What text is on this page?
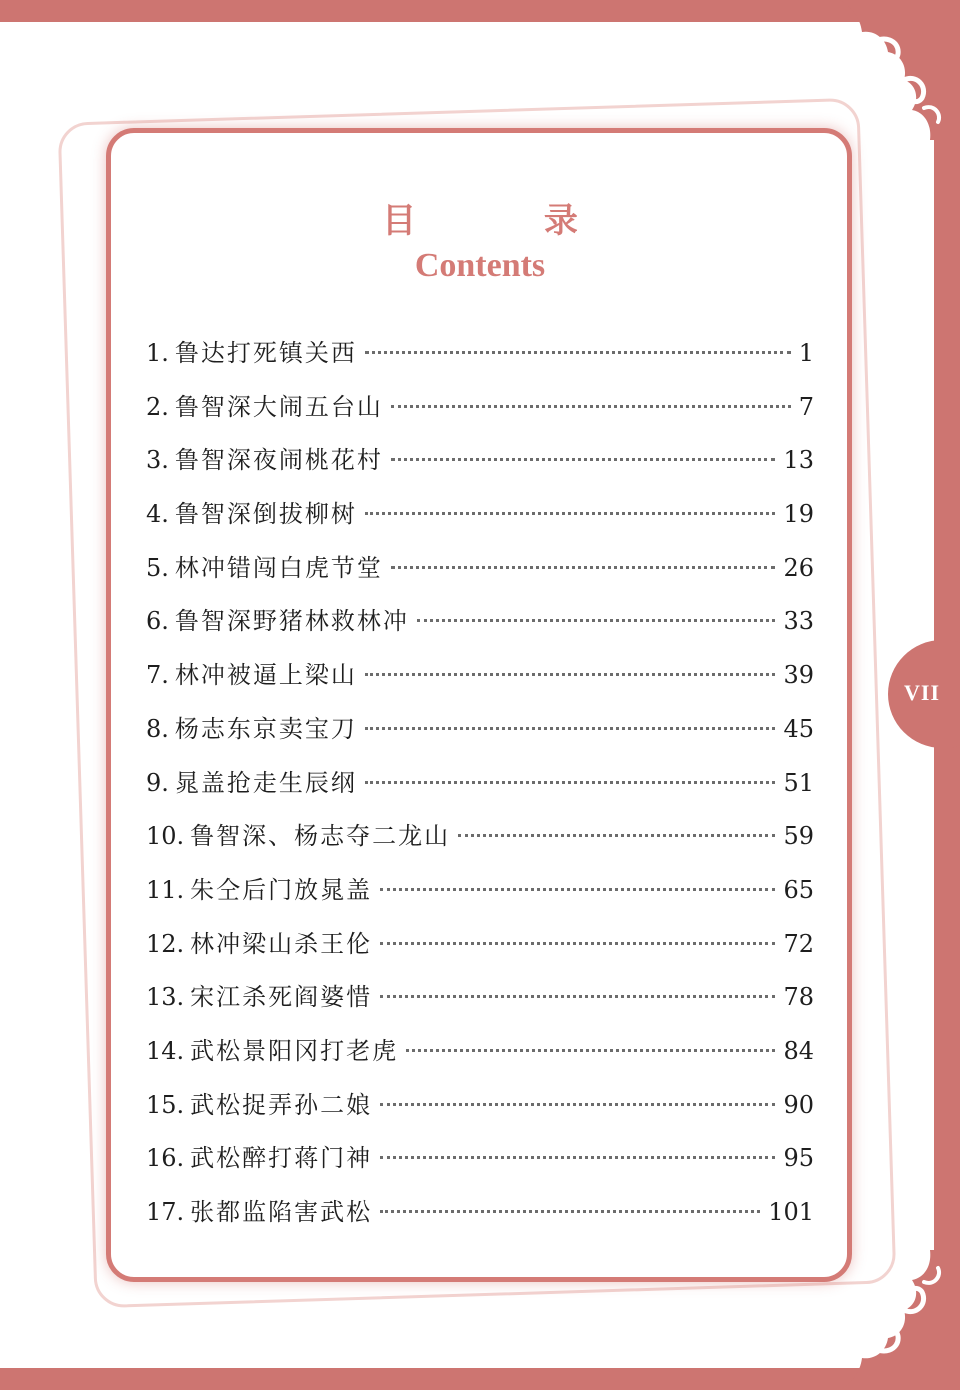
VII
目 录
Contents
1. 鲁达打死镇关西	1
2. 鲁智深大闹五台山	7
3. 鲁智深夜闹桃花村	13
4. 鲁智深倒拔柳树	19
5. 林冲错闯白虎节堂	26
6. 鲁智深野猪林救林冲	33
7. 林冲被逼上梁山	39
8. 杨志东京卖宝刀	45
9. 晁盖抢走生辰纲	51
10. 鲁智深、杨志夺二龙山	59
11. 朱仝后门放晁盖	65
12. 林冲梁山杀王伦	72
13. 宋江杀死阎婆惜	78
14. 武松景阳冈打老虎	84
15. 武松捉弄孙二娘	90
16. 武松醉打蒋门神	95
17. 张都监陷害武松	101
